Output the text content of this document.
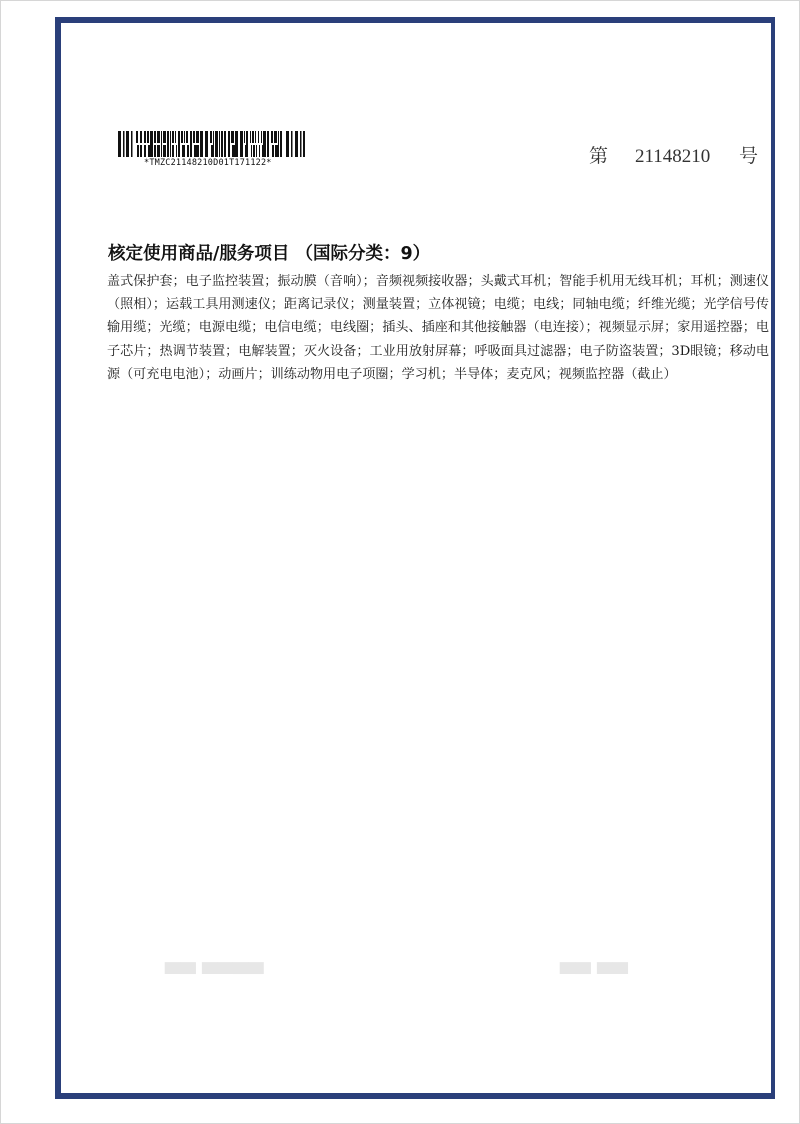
▀▀ ▀▀▀▀	▀▀ ▀▀
*TMZC21148210D01T171122*	第 21148210 号
核定使用商品/服务项目 （国际分类：9）
盖式保护套；电子监控装置；振动膜（音响）；音频视频接收器；头戴式耳机；智能手机用无线耳机；耳机；测速仪（照相）；运载工具用测速仪；距离记录仪；测量装置；立体视镜；电缆；电线；同轴电缆；纤维光缆；光学信号传输用缆；光缆；电源电缆；电信电缆；电线圈；插头、插座和其他接触器（电连接）；视频显示屏；家用遥控器；电子芯片；热调节装置；电解装置；灭火设备；工业用放射屏幕；呼吸面具过滤器；电子防盗装置；3D眼镜；移动电源（可充电电池）；动画片；训练动物用电子项圈；学习机；半导体；麦克风；视频监控器（截止）
